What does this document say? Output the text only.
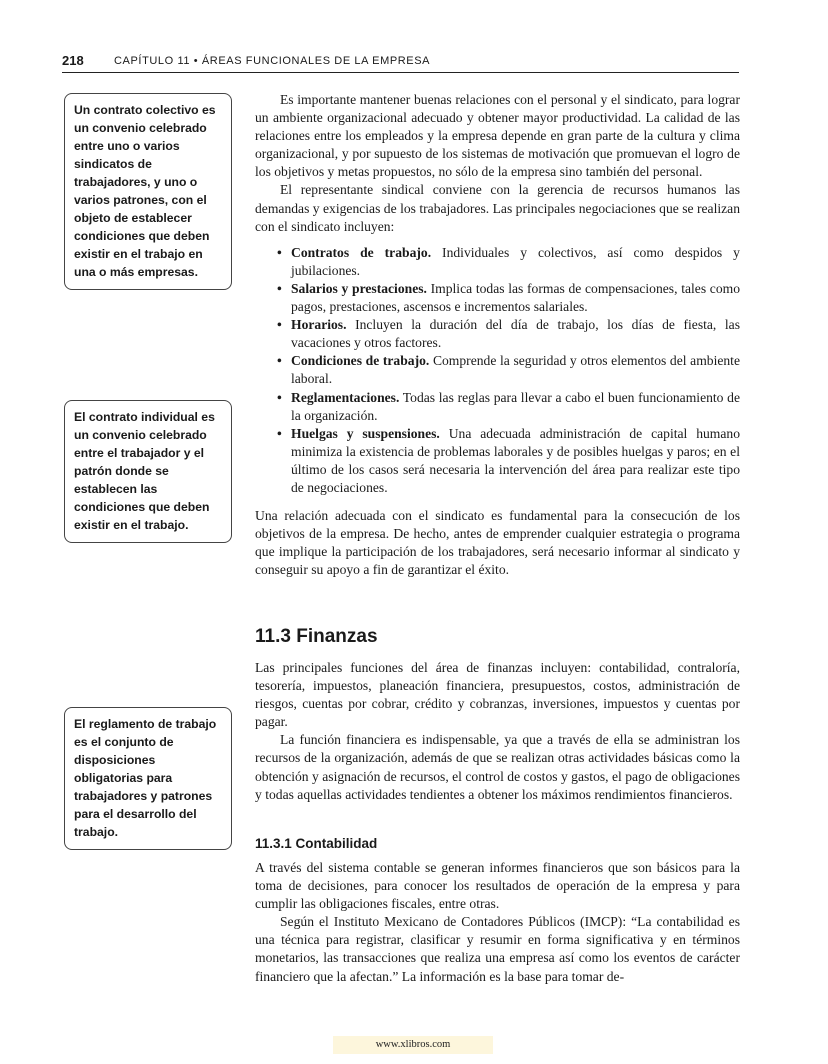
218	CAPÍTULO 11 • ÁREAS FUNCIONALES DE LA EMPRESA
Un contrato colectivo es un convenio celebrado entre uno o varios sindicatos de trabajadores, y uno o varios patrones, con el objeto de establecer condiciones que deben existir en el trabajo en una o más empresas.
El contrato individual es un convenio celebrado entre el trabajador y el patrón donde se establecen las condiciones que deben existir en el trabajo.
El reglamento de trabajo es el conjunto de disposiciones obligatorias para trabajadores y patrones para el desarrollo del trabajo.

Es importante mantener buenas relaciones con el personal y el sindicato, para lograr un ambiente organizacional adecuado y obtener mayor productividad. La calidad de las relaciones entre los empleados y la empresa depende en gran parte de la cultura y clima organizacional, y por supuesto de los sistemas de motivación que promuevan el logro de los objetivos y metas propuestos, no sólo de la empresa sino también del personal.

El representante sindical conviene con la gerencia de recursos humanos las demandas y exigencias de los trabajadores. Las principales negociaciones que se realizan con el sindicato incluyen:

• Contratos de trabajo. Individuales y colectivos, así como despidos y jubilaciones.
• Salarios y prestaciones. Implica todas las formas de compensaciones, tales como pagos, prestaciones, ascensos e incrementos salariales.
• Horarios. Incluyen la duración del día de trabajo, los días de fiesta, las vacaciones y otros factores.
• Condiciones de trabajo. Comprende la seguridad y otros elementos del ambiente laboral.
• Reglamentaciones. Todas las reglas para llevar a cabo el buen funcionamiento de la organización.
• Huelgas y suspensiones. Una adecuada administración de capital humano minimiza la existencia de problemas laborales y de posibles huelgas y paros; en el último de los casos será necesaria la intervención del área para realizar este tipo de negociaciones.

Una relación adecuada con el sindicato es fundamental para la consecución de los objetivos de la empresa. De hecho, antes de emprender cualquier estrategia o programa que implique la participación de los trabajadores, será necesario informar al sindicato y conseguir su apoyo a fin de garantizar el éxito.

11.3 Finanzas

Las principales funciones del área de finanzas incluyen: contabilidad, contraloría, tesorería, impuestos, planeación financiera, presupuestos, costos, administración de riesgos, cuentas por cobrar, crédito y cobranzas, inversiones, impuestos y cuentas por pagar.

La función financiera es indispensable, ya que a través de ella se administran los recursos de la organización, además de que se realizan otras actividades básicas como la obtención y asignación de recursos, el control de costos y gastos, el pago de obligaciones y todas aquellas actividades tendientes a obtener los máximos rendimientos financieros.

11.3.1 Contabilidad

A través del sistema contable se generan informes financieros que son básicos para la toma de decisiones, para conocer los resultados de operación de la empresa y para cumplir las obligaciones fiscales, entre otras.

Según el Instituto Mexicano de Contadores Públicos (IMCP): “La contabilidad es una técnica para registrar, clasificar y resumir en forma significativa y en términos monetarios, las transacciones que realiza una empresa así como los eventos de carácter financiero que la afectan.” La información es la base para tomar de-

www.xlibros.com
